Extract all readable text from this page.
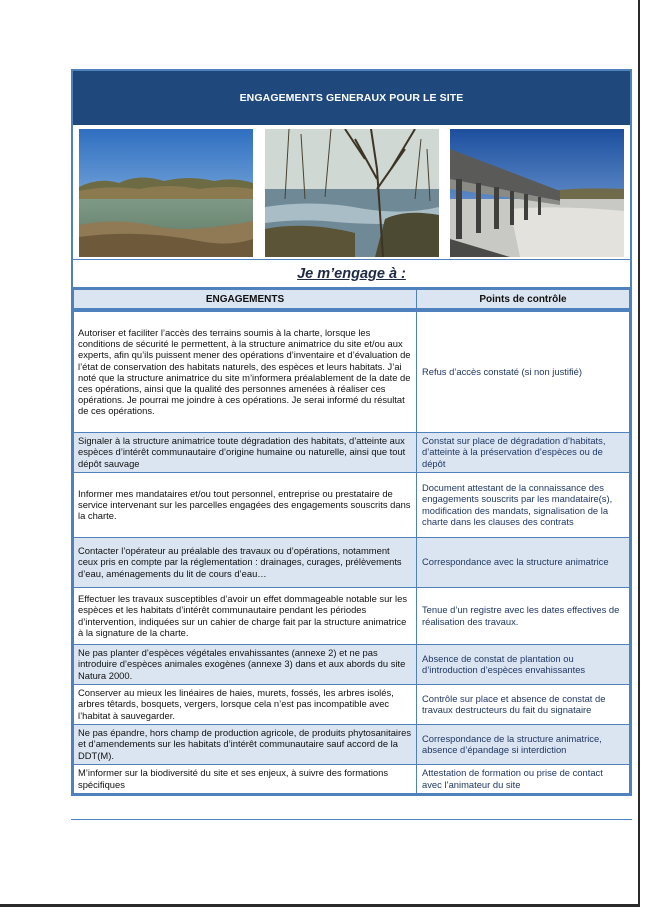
ENGAGEMENTS GENERAUX POUR LE SITE
Je m’engage à :
ENGAGEMENTS	Points de contrôle
Autoriser et faciliter l’accès des terrains soumis à la charte, lorsque les conditions de sécurité le permettent, à la structure animatrice du site et/ou aux experts, afin qu’ils puissent mener des opérations d’inventaire et d’évaluation de l’état de conservation des habitats naturels, des espèces et leurs habitats. J’ai noté que la structure animatrice du site m’informera préalablement de la date de ces opérations, ainsi que la qualité des personnes amenées à réaliser ces opérations. Je pourrai me joindre à ces opérations. Je serai informé du résultat de ces opérations.	Refus d’accès constaté (si non justifié)
Signaler à la structure animatrice toute dégradation des habitats, d’atteinte aux espèces d’intérêt communautaire d’origine humaine ou naturelle, ainsi que tout dépôt sauvage	Constat sur place de dégradation d’habitats, d’atteinte à la préservation d’espèces ou de dépôt
Informer mes mandataires et/ou tout personnel, entreprise ou prestataire de service intervenant sur les parcelles engagées des engagements souscrits dans la charte.	Document attestant de la connaissance des engagements souscrits par les mandataire(s), modification des mandats, signalisation de la charte dans les clauses des contrats
Contacter l’opérateur au préalable des travaux ou d’opérations, notamment ceux pris en compte par la réglementation : drainages, curages, prélèvements d’eau, aménagements du lit de cours d’eau…	Correspondance avec la structure animatrice
Effectuer les travaux susceptibles d’avoir un effet dommageable notable sur les espèces et les habitats d’intérêt communautaire pendant les périodes d’intervention, indiquées sur un cahier de charge fait par la structure animatrice à la signature de la charte.	Tenue d’un registre avec les dates effectives de réalisation des travaux.
Ne pas planter d’espèces végétales envahissantes (annexe 2) et ne pas introduire d’espèces animales exogènes (annexe 3) dans et aux abords du site Natura 2000.	Absence de constat de plantation ou d’introduction d’espèces envahissantes
Conserver au mieux les linéaires de haies, murets, fossés, les arbres isolés, arbres têtards, bosquets, vergers, lorsque cela n’est pas incompatible avec l’habitat à sauvegarder.	Contrôle sur place et absence de constat de travaux destructeurs du fait du signataire
Ne pas épandre, hors champ de production agricole, de produits phytosanitaires et d’amendements sur les habitats d’intérêt communautaire sauf accord de la DDT(M).	Correspondance de la structure animatrice, absence d’épandage si interdiction
M’informer sur la biodiversité du site et ses enjeux, à suivre des formations spécifiques	Attestation de formation ou prise de contact avec l’animateur du site
